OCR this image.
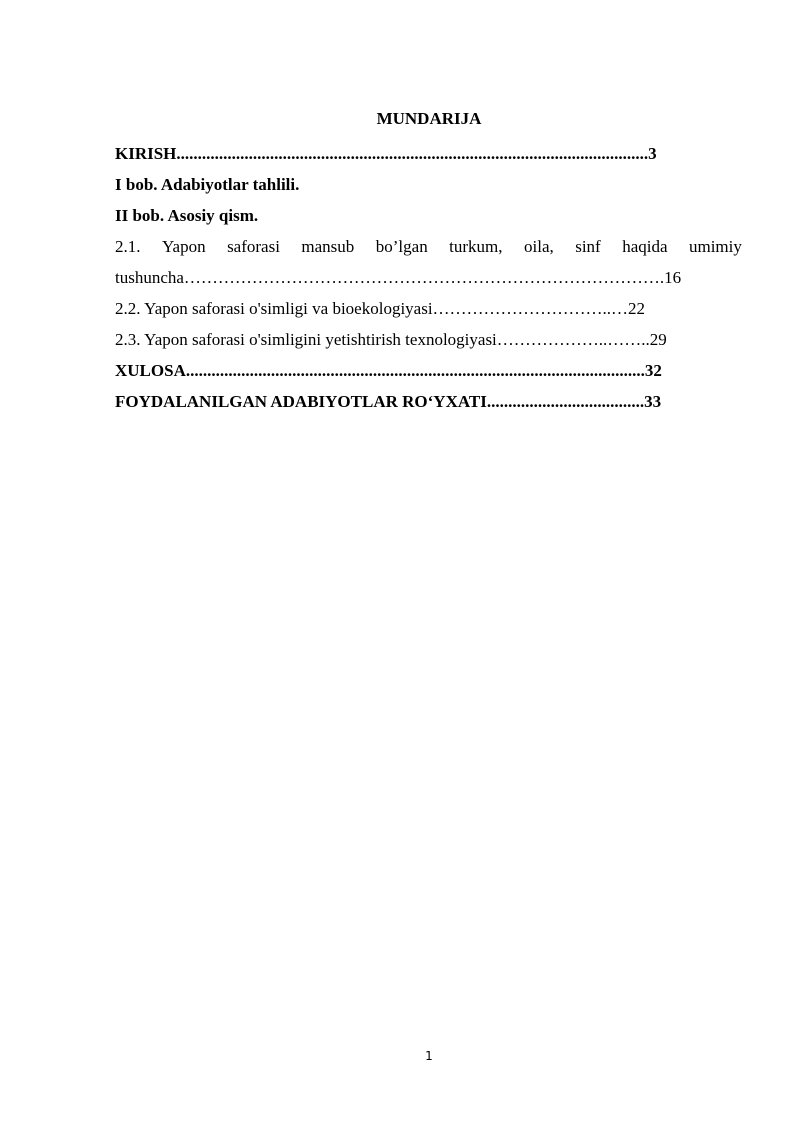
MUNDARIJA
KIRISH...............................................................................................................3
I bob. Adabiyotlar tahlili.
II bob. Asosiy qism.
2.1. Yapon saforasi mansub bo’lgan turkum, oila, sinf haqida umimiy
tushuncha………………………………………………………………………….16
2.2. Yapon saforasi o'simligi va bioekologiyasi…………………………..…22
2.3. Yapon saforasi o'simligini yetishtirish texnologiyasi………………..……..29
XULOSA............................................................................................................32
FOYDALANILGAN ADABIYOTLAR RO‘YXATI.....................................33
1
